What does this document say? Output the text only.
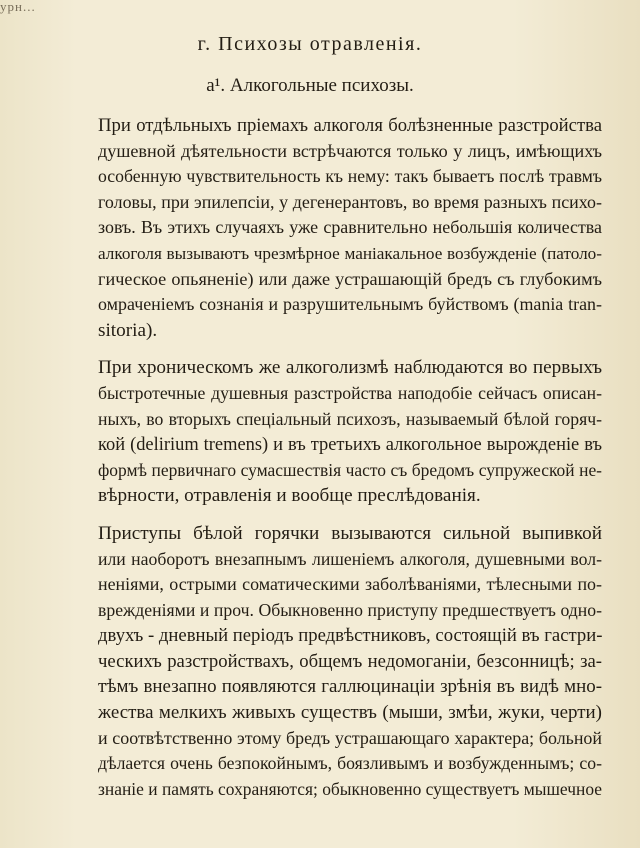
урн...
г. Психозы отравленія.
а¹. Алкогольные психозы.

При отдѣльныхъ пріемахъ алкоголя болѣзненные разстройства
душевной дѣятельности встрѣчаются только у лицъ, имѣющихъ
особенную чувствительность къ нему: такъ бываетъ послѣ травмъ
головы, при эпилепсіи, у дегенерантовъ, во время разныхъ психо-
зовъ. Въ этихъ случаяхъ уже сравнительно небольшія количества
алкоголя вызываютъ чрезмѣрное маніакальное возбужденіе (патоло-
гическое опьяненіе) или даже устрашающій бредъ съ глубокимъ
омраченіемъ сознанія и разрушительнымъ буйствомъ (mania tran-
sitoria).

При хроническомъ же алкоголизмѣ наблюдаются во первыхъ
быстротечные душевныя разстройства наподобіе сейчасъ описан-
ныхъ, во вторыхъ спеціальный психозъ, называемый бѣлой горяч-
кой (delirium tremens) и въ третьихъ алкогольное вырожденіе въ
формѣ первичнаго сумасшествія часто съ бредомъ супружеской не-
вѣрности, отравленія и вообще преслѣдованія.

Приступы бѣлой горячки вызываются сильной выпивкой
или наоборотъ внезапнымъ лишеніемъ алкоголя, душевными вол-
неніями, острыми соматическими заболѣваніями, тѣлесными по-
врежденіями и проч. Обыкновенно приступу предшествуетъ одно-
двухъ - дневный періодъ предвѣстниковъ, состоящій въ гастри-
ческихъ разстройствахъ, общемъ недомоганіи, безсонницѣ; за-
тѣмъ внезапно появляются галлюцинаціи зрѣнія въ видѣ мно-
жества мелкихъ живыхъ существъ (мыши, змѣи, жуки, черти)
и соотвѣтственно этому бредъ устрашающаго характера; больной
дѣлается очень безпокойнымъ, боязливымъ и возбужденнымъ; со-
знаніе и память сохраняются; обыкновенно существуетъ мышечное
